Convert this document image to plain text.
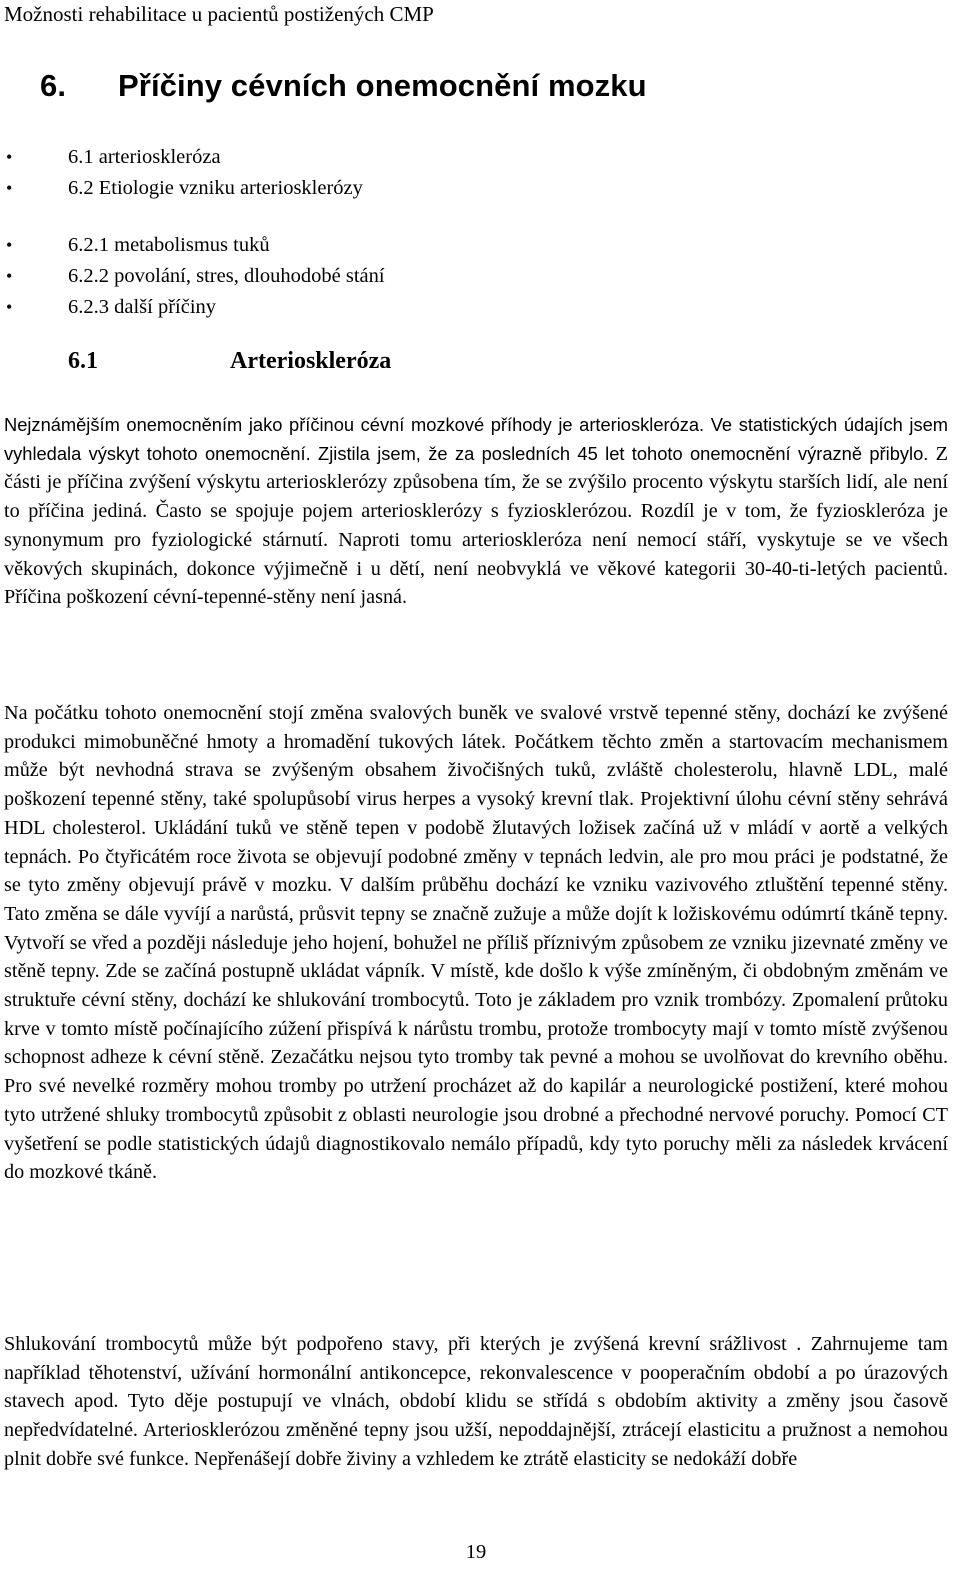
Možnosti rehabilitace u pacientů postižených CMP
6. Příčiny cévních onemocnění mozku
• 6.1 arterioskleróza
• 6.2 Etiologie vzniku arteriosklerózy
• 6.2.1 metabolismus tuků
• 6.2.2 povolání, stres, dlouhodobé stání
• 6.2.3 další příčiny
6.1	Arterioskleróza

Nejznámějším onemocněním jako příčinou cévní mozkové příhody je arterioskleróza. Ve statistických údajích jsem vyhledala výskyt tohoto onemocnění. Zjistila jsem, že za posledních 45 let tohoto onemocnění výrazně přibylo. Z části je příčina zvýšení výskytu arteriosklerózy způsobena tím, že se zvýšilo procento výskytu starších lidí, ale není to příčina jediná. Často se spojuje pojem arteriosklerózy s fyziosklerózou. Rozdíl je v tom, že fyzioskleróza je synonymum pro fyziologické stárnutí. Naproti tomu arterioskleróza není nemocí stáří, vyskytuje se ve všech věkových skupinách, dokonce výjimečně i u dětí, není neobvyklá ve věkové kategorii 30-40-ti-letých pacientů. Příčina poškození cévní-tepenné-stěny není jasná.

Na počátku tohoto onemocnění stojí změna svalových buněk ve svalové vrstvě tepenné stěny, dochází ke zvýšené produkci mimobuněčné hmoty a hromadění tukových látek. Počátkem těchto změn a startovacím mechanismem může být nevhodná strava se zvýšeným obsahem živočišných tuků, zvláště cholesterolu, hlavně LDL, malé poškození tepenné stěny, také spolupůsobí virus herpes a vysoký krevní tlak. Projektivní úlohu cévní stěny sehrává HDL cholesterol. Ukládání tuků ve stěně tepen v podobě žlutavých ložisek začíná už v mládí v aortě a velkých tepnách. Po čtyřicátém roce života se objevují podobné změny v tepnách ledvin, ale pro mou práci je podstatné, že se tyto změny objevují právě v mozku. V dalším průběhu dochází ke vzniku vazivového ztluštění tepenné stěny. Tato změna se dále vyvíjí a narůstá, průsvit tepny se značně zužuje a může dojít k ložiskovému odúmrtí tkáně tepny. Vytvoří se vřed a později následuje jeho hojení, bohužel ne příliš příznivým způsobem ze vzniku jizevnaté změny ve stěně tepny. Zde se začíná postupně ukládat vápník. V místě, kde došlo k výše zmíněným, či obdobným změnám ve struktuře cévní stěny, dochází ke shlukování trombocytů. Toto je základem pro vznik trombózy. Zpomalení průtoku krve v tomto místě počínajícího zúžení přispívá k nárůstu trombu, protože trombocyty mají v tomto místě zvýšenou schopnost adheze k cévní stěně. Zezačátku nejsou tyto tromby tak pevné a mohou se uvolňovat do krevního oběhu. Pro své nevelké rozměry mohou tromby po utržení procházet až do kapilár a neurologické postižení, které mohou tyto utržené shluky trombocytů způsobit z oblasti neurologie jsou drobné a přechodné nervové poruchy. Pomocí CT vyšetření se podle statistických údajů diagnostikovalo nemálo případů, kdy tyto poruchy měli za následek krvácení do mozkové tkáně.

Shlukování trombocytů může být podpořeno stavy, při kterých je zvýšená krevní srážlivost . Zahrnujeme tam například těhotenství, užívání hormonální antikoncepce, rekonvalescence v pooperačním období a po úrazových stavech apod. Tyto děje postupují ve vlnách, období klidu se střídá s obdobím aktivity a změny jsou časově nepředvídatelné. Arteriosklerózou změněné tepny jsou užší, nepoddajnější, ztrácejí elasticitu a pružnost a nemohou plnit dobře své funkce. Nepřenášejí dobře živiny a vzhledem ke ztrátě elasticity se nedokáží dobře

19
